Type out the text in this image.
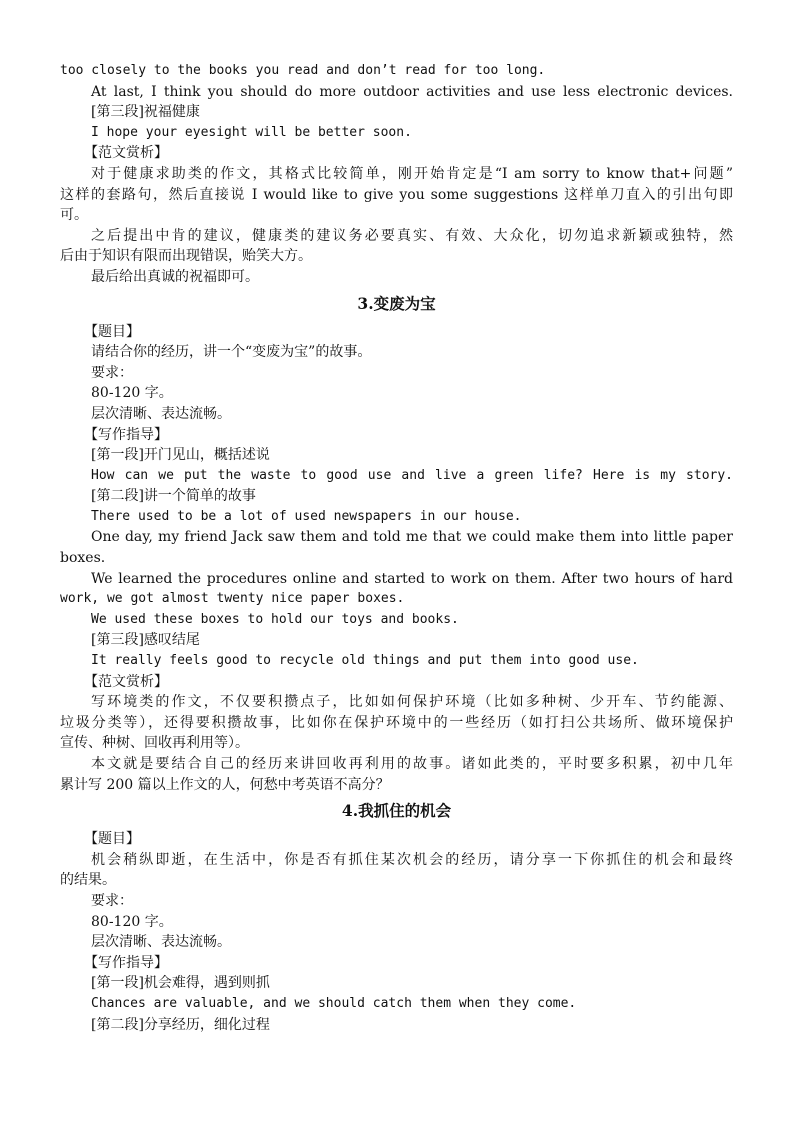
too closely to the books you read and don’t read for too long.
At last, I think you should do more outdoor activities and use less electronic devices.
[第三段]祝福健康
I hope your eyesight will be better soon.
【范文赏析】
对于健康求助类的作文，其格式比较简单，刚开始肯定是“I am sorry to know that+问题”
这样的套路句，然后直接说 I would like to give you some suggestions 这样单刀直入的引出句即
可。
之后提出中肯的建议，健康类的建议务必要真实、有效、大众化，切勿追求新颖或独特，然
后由于知识有限而出现错误，贻笑大方。
最后给出真诚的祝福即可。
3.变废为宝
【题目】
请结合你的经历，讲一个“变废为宝”的故事。
要求：
80-120 字。
层次清晰、表达流畅。
【写作指导】
[第一段]开门见山，概括述说
How can we put the waste to good use and live a green life? Here is my story.
[第二段]讲一个简单的故事
There used to be a lot of used newspapers in our house.
One day, my friend Jack saw them and told me that we could make them into little paper
boxes.
We learned the procedures online and started to work on them. After two hours of hard
work, we got almost twenty nice paper boxes.
We used these boxes to hold our toys and books.
[第三段]感叹结尾
It really feels good to recycle old things and put them into good use.
【范文赏析】
写环境类的作文，不仅要积攒点子，比如如何保护环境（比如多种树、少开车、节约能源、
垃圾分类等），还得要积攒故事，比如你在保护环境中的一些经历（如打扫公共场所、做环境保护
宣传、种树、回收再利用等）。
本文就是要结合自己的经历来讲回收再利用的故事。诸如此类的，平时要多积累，初中几年
累计写 200 篇以上作文的人，何愁中考英语不高分？
4.我抓住的机会
【题目】
机会稍纵即逝，在生活中，你是否有抓住某次机会的经历，请分享一下你抓住的机会和最终
的结果。
要求：
80-120 字。
层次清晰、表达流畅。
【写作指导】
[第一段]机会难得，遇到则抓
Chances are valuable, and we should catch them when they come.
[第二段]分享经历，细化过程
